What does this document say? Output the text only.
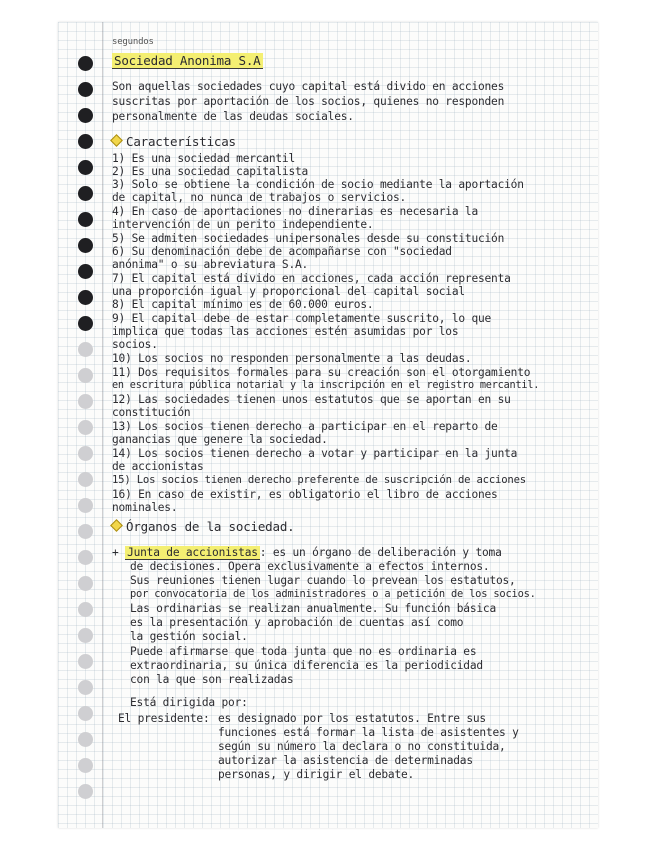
segundos
Sociedad Anonima S.A
Son aquellas sociedades cuyo capital está divido en acciones
suscritas por aportación de los socios, quienes no responden
personalmente de las deudas sociales.
Características
1) Es una sociedad mercantil
2) Es una sociedad capitalista
3) Solo se obtiene la condición de socio mediante la aportación
de capital, no nunca de trabajos o servicios.
4) En caso de aportaciones no dinerarias es necesaria la
intervención de un perito independiente.
5) Se admiten sociedades unipersonales desde su constitución
6) Su denominación debe de acompañarse con "sociedad
anónima" o su abreviatura S.A.
7) El capital está divido en acciones, cada acción representa
una proporción igual y proporcional del capital social
8) El capital mínimo es de 60.000 euros.
9) El capital debe de estar completamente suscrito, lo que
implica que todas las acciones estén asumidas por los
socios.
10) Los socios no responden personalmente a las deudas.
11) Dos requisitos formales para su creación son el otorgamiento
en escritura pública notarial y la inscripción en el registro mercantil.
12) Las sociedades tienen unos estatutos que se aportan en su
constitución
13) Los socios tienen derecho a participar en el reparto de
ganancias que genere la sociedad.
14) Los socios tienen derecho a votar y participar en la junta
de accionistas
15) Los socios tienen derecho preferente de suscripción de acciones
16) En caso de existir, es obligatorio el libro de acciones
nominales.
Órganos de la sociedad.
+ Junta de accionistas : es un órgano de deliberación y toma
de decisiones. Opera exclusivamente a efectos internos.
Sus reuniones tienen lugar cuando lo prevean los estatutos,
por convocatoria de los administradores o a petición de los socios.
Las ordinarias se realizan anualmente. Su función básica
es la presentación y aprobación de cuentas así como
la gestión social.
Puede afirmarse que toda junta que no es ordinaria es
extraordinaria, su única diferencia es la periodicidad
con la que son realizadas
Está dirigida por:
El presidente: es designado por los estatutos. Entre sus
funciones está formar la lista de asistentes y
según su número la declara o no constituida,
autorizar la asistencia de determinadas
personas, y dirigir el debate.
